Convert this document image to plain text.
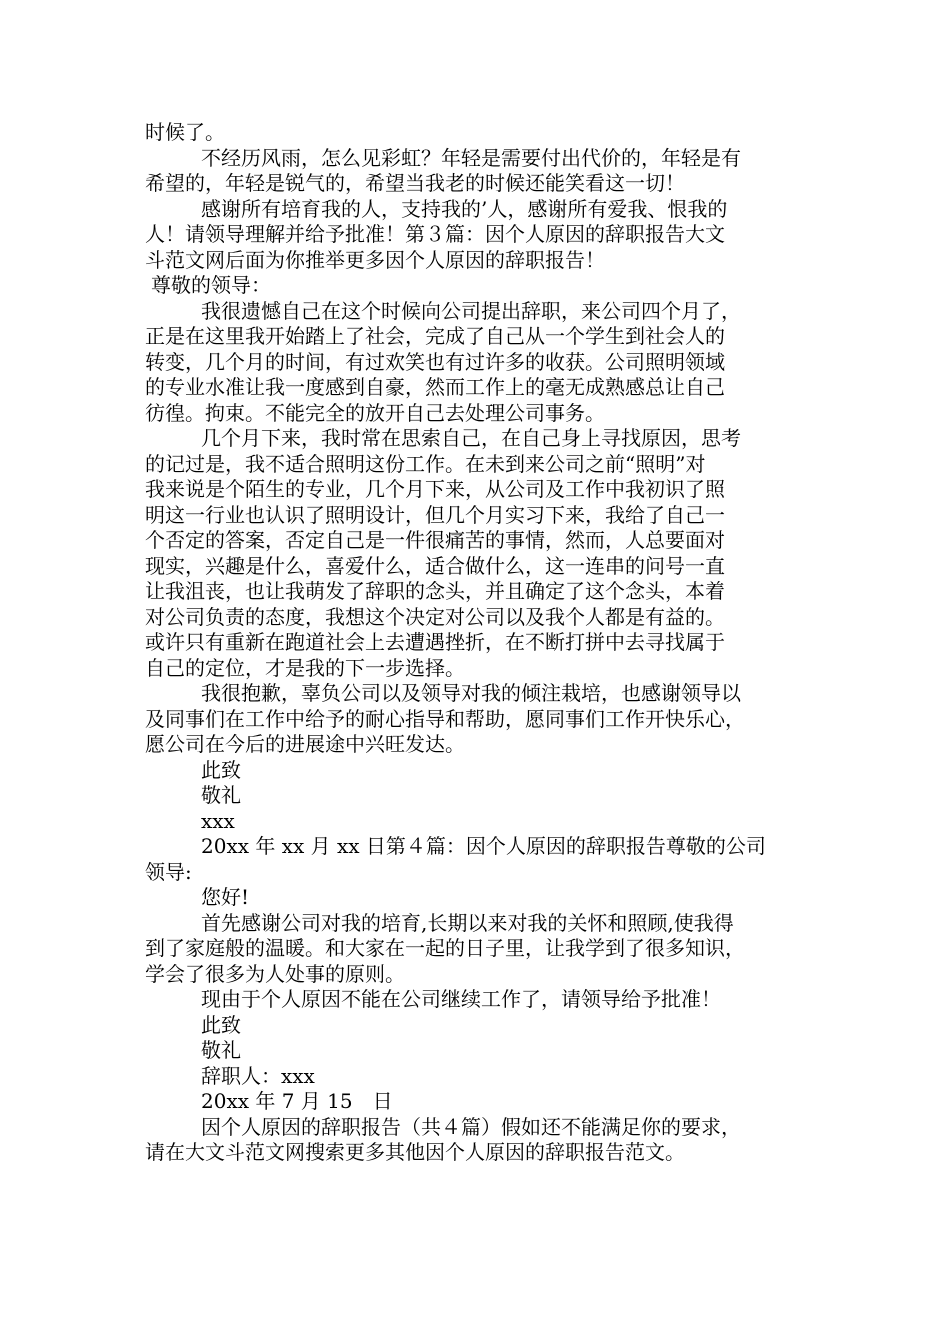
时候了。
不经历风雨，怎么见彩虹？年轻是需要付出代价的，年轻是有
希望的，年轻是锐气的，希望当我老的时候还能笑看这一切！
感谢所有培育我的人，支持我的’人，感谢所有爱我、恨我的
人！请领导理解并给予批准！第３篇：因个人原因的辞职报告大文
斗范文网后面为你推举更多因个人原因的辞职报告！
尊敬的领导：
我很遗憾自己在这个时候向公司提出辞职，来公司四个月了，
正是在这里我开始踏上了社会，完成了自己从一个学生到社会人的
转变，几个月的时间，有过欢笑也有过许多的收获。公司照明领域
的专业水准让我一度感到自豪，然而工作上的毫无成熟感总让自己
彷徨。拘束。不能完全的放开自己去处理公司事务。
几个月下来，我时常在思索自己，在自己身上寻找原因，思考
的记过是，我不适合照明这份工作。在未到来公司之前“照明”对
我来说是个陌生的专业，几个月下来，从公司及工作中我初识了照
明这一行业也认识了照明设计，但几个月实习下来，我给了自己一
个否定的答案，否定自己是一件很痛苦的事情，然而，人总要面对
现实，兴趣是什么，喜爱什么，适合做什么，这一连串的问号一直
让我沮丧，也让我萌发了辞职的念头，并且确定了这个念头，本着
对公司负责的态度，我想这个决定对公司以及我个人都是有益的。
或许只有重新在跑道社会上去遭遇挫折，在不断打拼中去寻找属于
自己的定位，才是我的下一步选择。
我很抱歉，辜负公司以及领导对我的倾注栽培，也感谢领导以
及同事们在工作中给予的耐心指导和帮助，愿同事们工作开快乐心，
愿公司在今后的进展途中兴旺发达。
此致
敬礼
xxx
20xx 年 xx 月 xx 日第４篇：因个人原因的辞职报告尊敬的公司
领导:
您好!
首先感谢公司对我的培育,长期以来对我的关怀和照顾,使我得
到了家庭般的温暖。和大家在一起的日子里，让我学到了很多知识，
学会了很多为人处事的原则。
现由于个人原因不能在公司继续工作了，请领导给予批准！
此致
敬礼
辞职人：xxx
20xx 年 7 月 15　日
因个人原因的辞职报告（共４篇）假如还不能满足你的要求，
请在大文斗范文网搜索更多其他因个人原因的辞职报告范文。
